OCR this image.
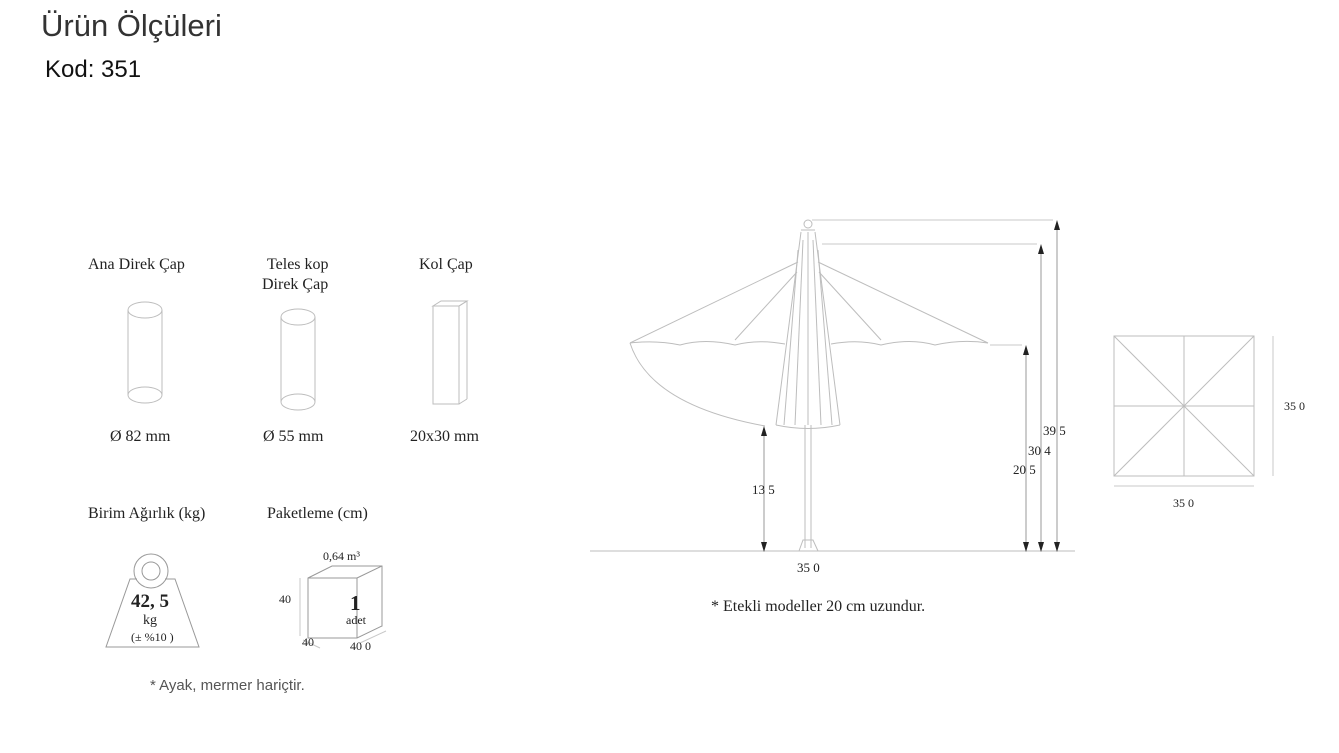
Ürün Ölçüleri
Kod: 351
Ana Direk Çap
Ø 82 mm
Teles kop
Direk Çap
Ø 55 mm
Kol Çap
20x30 mm
Birim Ağırlık (kg)
42, 5
kg
(± %10 )
Paketleme (cm)
0,64 m³
40
40	40 0
1
adet
* Ayak, mermer hariçtir.
39 5
30 4
20 5
13 5
35 0
* Etekli modeller 20 cm uzundur.
35 0
35 0
